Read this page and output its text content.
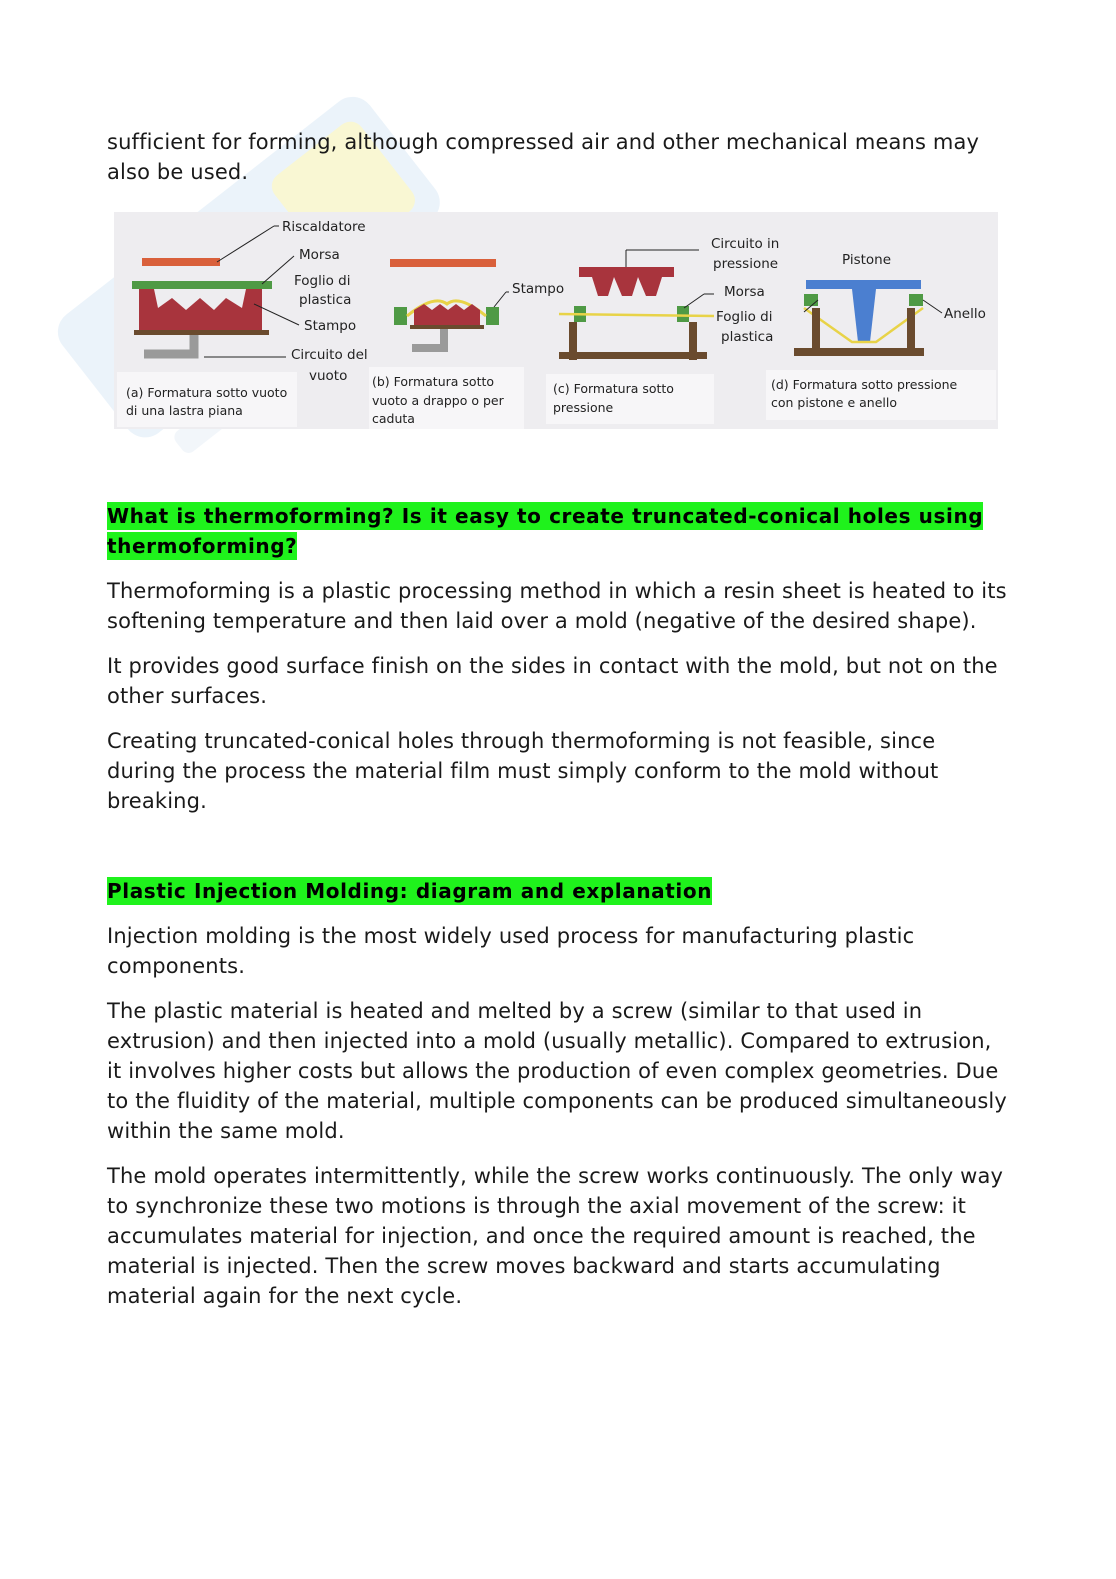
sufficient for forming, although compressed air and other mechanical means may also be used.

Riscaldatore
Morsa
Foglio di
plastica
Stampo
Circuito del
vuoto
(a) Formatura sotto vuoto
di una lastra piana
Stampo
(b) Formatura sotto
vuoto a drappo o per
caduta
Circuito in
pressione
Morsa
Foglio di
plastica
(c) Formatura sotto
pressione
Pistone
Anello
(d) Formatura sotto pressione
con pistone e anello
What is thermoforming? Is it easy to create truncated-conical holes using thermoforming?

Thermoforming is a plastic processing method in which a resin sheet is heated to its softening temperature and then laid over a mold (negative of the desired shape).

It provides good surface finish on the sides in contact with the mold, but not on the other surfaces.

Creating truncated-conical holes through thermoforming is not feasible, since during the process the material film must simply conform to the mold without breaking.

Plastic Injection Molding: diagram and explanation

Injection molding is the most widely used process for manufacturing plastic components.

The plastic material is heated and melted by a screw (similar to that used in extrusion) and then injected into a mold (usually metallic). Compared to extrusion, it involves higher costs but allows the production of even complex geometries. Due to the fluidity of the material, multiple components can be produced simultaneously within the same mold.

The mold operates intermittently, while the screw works continuously. The only way to synchronize these two motions is through the axial movement of the screw: it accumulates material for injection, and once the required amount is reached, the material is injected. Then the screw moves backward and starts accumulating material again for the next cycle.
